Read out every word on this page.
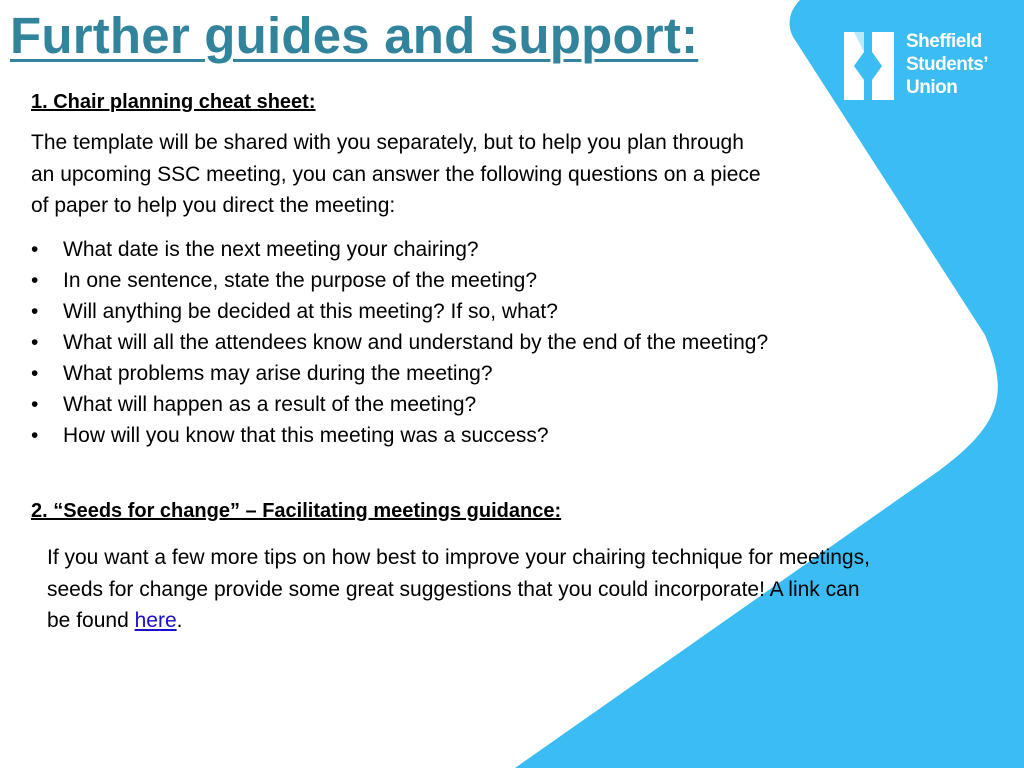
Sheffield
Students’
Union
Further guides and support:
1. Chair planning cheat sheet:

The template will be shared with you separately, but to help you plan through an upcoming SSC meeting, you can answer the following questions on a piece of paper to help you direct the meeting:

• What date is the next meeting your chairing?
• In one sentence, state the purpose of the meeting?
• Will anything be decided at this meeting? If so, what?
• What will all the attendees know and understand by the end of the meeting?
• What problems may arise during the meeting?
• What will happen as a result of the meeting?
• How will you know that this meeting was a success?
2. “Seeds for change” – Facilitating meetings guidance:

If you want a few more tips on how best to improve your chairing technique for meetings, seeds for change provide some great suggestions that you could incorporate! A link can be found here.
